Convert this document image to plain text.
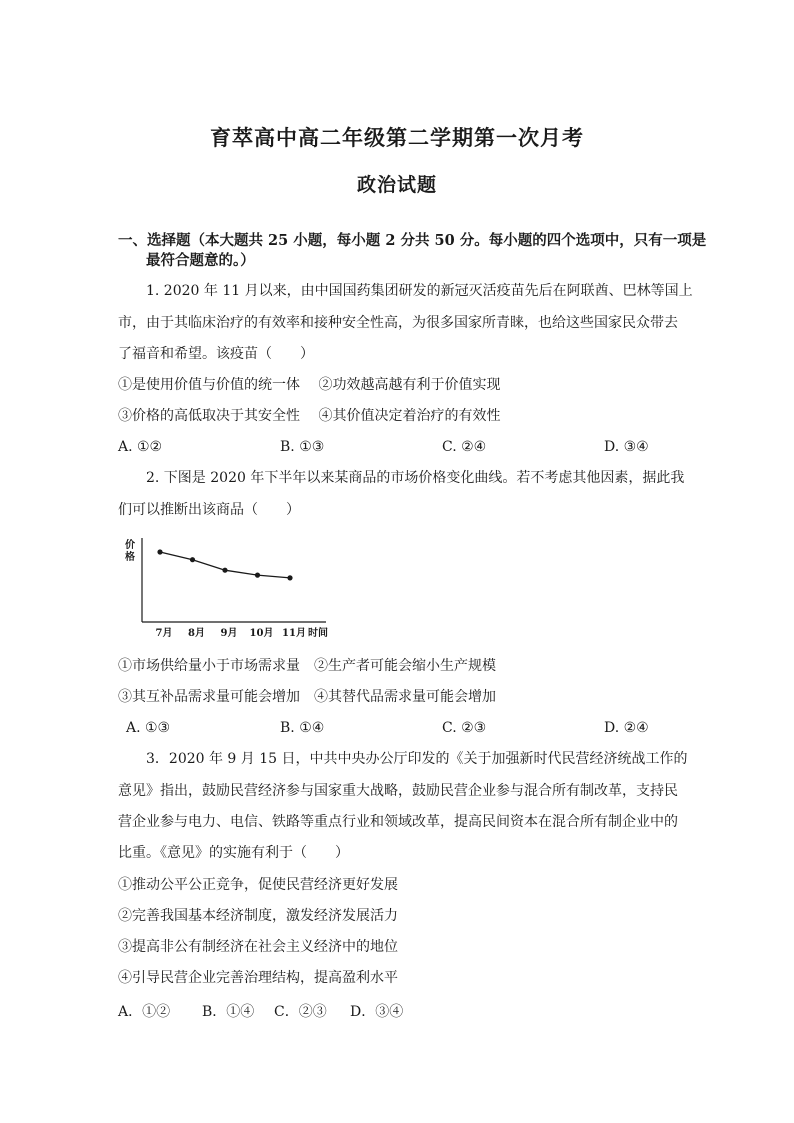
育萃高中高二年级第二学期第一次月考
政治试题
一、选择题（本大题共 25 小题，每小题 2 分共 50 分。每小题的四个选项中，只有一项是
最符合题意的。）
1. 2020 年 11 月以来，由中国国药集团研发的新冠灭活疫苗先后在阿联酋、巴林等国上
市，由于其临床治疗的有效率和接种安全性高，为很多国家所青睐，也给这些国家民众带去
了福音和希望。该疫苗（　　）
①是使用价值与价值的统一体　 ②功效越高越有利于价值实现
③价格的高低取决于其安全性　 ④其价值决定着治疗的有效性
A. ①②	B. ①③	C. ②④	D. ③④
2. 下图是 2020 年下半年以来某商品的市场价格变化曲线。若不考虑其他因素，据此我
们可以推断出该商品（　　）
价
格
时间
7月 8月 9月 10月 11月
①市场供给量小于市场需求量　②生产者可能会缩小生产规模
③其互补品需求量可能会增加　④其替代品需求量可能会增加
A. ①③	B. ①④	C. ②③	D. ②④
3．2020 年 9 月 15 日，中共中央办公厅印发的《关于加强新时代民营经济统战工作的
意见》指出，鼓励民营经济参与国家重大战略，鼓励民营企业参与混合所有制改革，支持民
营企业参与电力、电信、铁路等重点行业和领域改革，提高民间资本在混合所有制企业中的
比重。《意见》的实施有利于（　　）
①推动公平公正竞争，促使民营经济更好发展
②完善我国基本经济制度，激发经济发展活力
③提高非公有制经济在社会主义经济中的地位
④引导民营企业完善治理结构，提高盈利水平
A．①② B．①④ C．②③ D．③④
